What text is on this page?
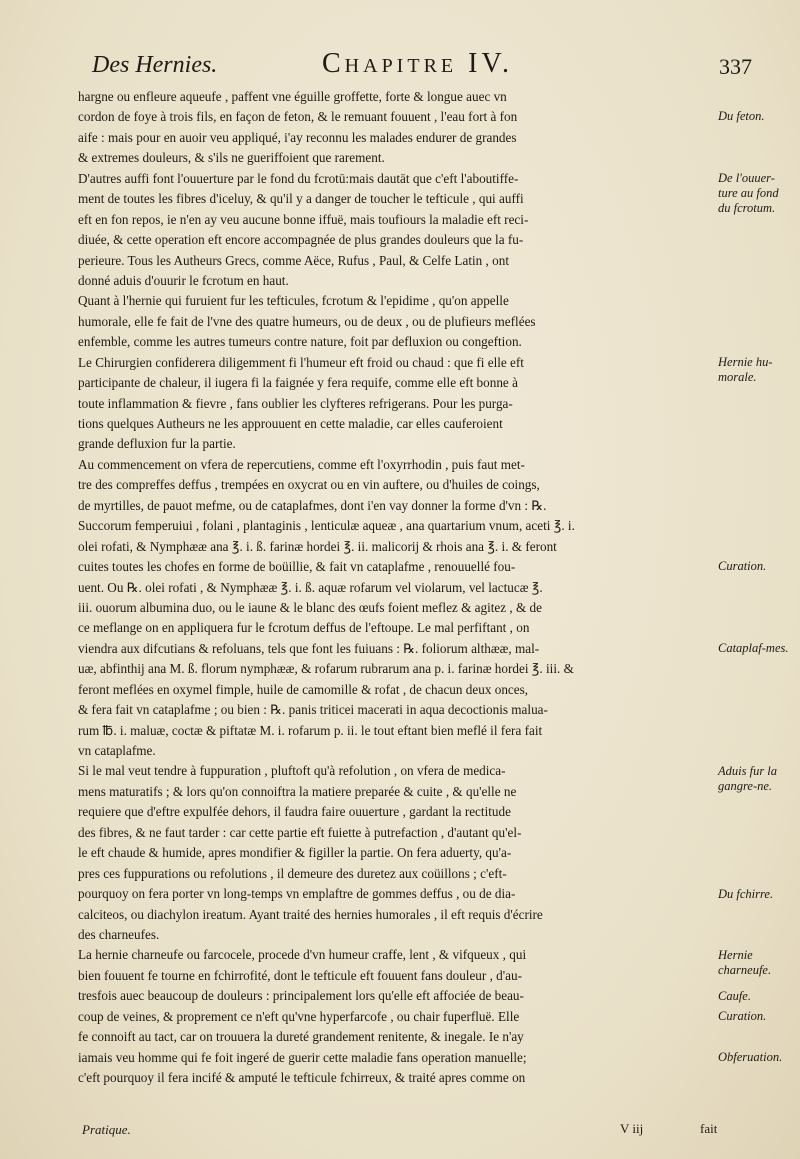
Des Hernies.	Chapitre IV.	337
hargne ou enfleure aqueufe , paffent vne éguille groffette, forte & longue auec vn
cordon de foye à trois fils, en façon de feton, & le remuant fouuent , l'eau fort à fon
aife : mais pour en auoir veu appliqué, i'ay reconnu les malades endurer de grandes
& extremes douleurs, & s'ils ne gueriffoient que rarement.
D'autres auffi font l'ouuerture par le fond du fcrotū:mais dautāt que c'eft l'aboutiffe-
ment de toutes les fibres d'iceluy, & qu'il y a danger de toucher le tefticule , qui auffi
eft en fon repos, ie n'en ay veu aucune bonne iffuë, mais toufiours la maladie eft reci-
diuée, & cette operation eft encore accompagnée de plus grandes douleurs que la fu-
perieure. Tous les Autheurs Grecs, comme Aëce, Rufus , Paul, & Celfe Latin , ont
donné aduis d'ouurir le fcrotum en haut.
Quant à l'hernie qui furuient fur les tefticules, fcrotum & l'epidime , qu'on appelle
humorale, elle fe fait de l'vne des quatre humeurs, ou de deux , ou de plufieurs meflées
enfemble, comme les autres tumeurs contre nature, foit par defluxion ou congeftion.
Le Chirurgien confiderera diligemment fi l'humeur eft froid ou chaud : que fi elle eft
participante de chaleur, il iugera fi la faignée y fera requife, comme elle eft bonne à
toute inflammation & fievre , fans oublier les clyfteres refrigerans. Pour les purga-
tions quelques Autheurs ne les approuuent en cette maladie, car elles cauferoient
grande defluxion fur la partie.
Au commencement on vfera de repercutiens, comme eft l'oxyrrhodin , puis faut met-
tre des compreffes deffus , trempées en oxycrat ou en vin auftere, ou d'huiles de coings,
de myrtilles, de pauot mefme, ou de cataplafmes, dont i'en vay donner la forme d'vn : ℞.
Succorum femperuiui , folani , plantaginis , lenticulæ aqueæ , ana quartarium vnum, aceti ℥. i.
olei rofati, & Nymphææ ana ℥. i. ß. farinæ hordei ℥. ii. malicorij & rhois ana ℥. i. & feront
cuites toutes les chofes en forme de boüillie, & fait vn cataplafme , renouuellé fou-
uent. Ou ℞. olei rofati , & Nymphææ ℥. i. ß. aquæ rofarum vel violarum, vel lactucæ ℥.
iii. ouorum albumina duo, ou le iaune & le blanc des œufs foient meflez & agitez , & de
ce meflange on en appliquera fur le fcrotum deffus de l'eftoupe. Le mal perfiftant , on
viendra aux difcutians & refoluans, tels que font les fuiuans : ℞. foliorum althææ, mal-
uæ, abfinthij ana M. ß. florum nymphææ, & rofarum rubrarum ana p. i. farinæ hordei ℥. iii. &
feront meflées en oxymel fimple, huile de camomille & rofat , de chacun deux onces,
& fera fait vn cataplafme ; ou bien : ℞. panis triticei macerati in aqua decoctionis malua-
rum ℔. i. maluæ, coctæ & piftatæ M. i. rofarum p. ii. le tout eftant bien meflé il fera fait
vn cataplafme.
Si le mal veut tendre à fuppuration , pluftoft qu'à refolution , on vfera de medica-
mens maturatifs ; & lors qu'on connoiftra la matiere preparée & cuite , & qu'elle ne
requiere que d'eftre expulfée dehors, il faudra faire ouuerture , gardant la rectitude
des fibres, & ne faut tarder : car cette partie eft fuiette à putrefaction , d'autant qu'el-
le eft chaude & humide, apres mondifier & figiller la partie. On fera aduerty, qu'a-
pres ces fuppurations ou refolutions , il demeure des duretez aux coüillons ; c'eft-
pourquoy on fera porter vn long-temps vn emplaftre de gommes deffus , ou de dia-
calciteos, ou diachylon ireatum. Ayant traité des hernies humorales , il eft requis d'écrire
des charneufes.
La hernie charneufe ou farcocele, procede d'vn humeur craffe, lent , & vifqueux , qui
bien fouuent fe tourne en fchirrofité, dont le tefticule eft fouuent fans douleur , d'au-
tresfois auec beaucoup de douleurs : principalement lors qu'elle eft affociée de beau-
coup de veines, & proprement ce n'eft qu'vne hyperfarcofe , ou chair fuperfluë. Elle
fe connoift au tact, car on trouuera la dureté grandement renitente, & inegale. Ie n'ay
iamais veu homme qui fe foit ingeré de guerir cette maladie fans operation manuelle;
c'eft pourquoy il fera incifé & amputé le tefticule fchirreux, & traité apres comme on
Du feton.
De l'ouuer-ture au fond du fcrotum.
Hernie hu-morale.
Curation.
Cataplaf-mes.
Aduis fur la gangre-ne.
Du fchirre.
Hernie charneufe.
Caufe.
Curation.
Obferuation.
Pratique.	V iij	fait
